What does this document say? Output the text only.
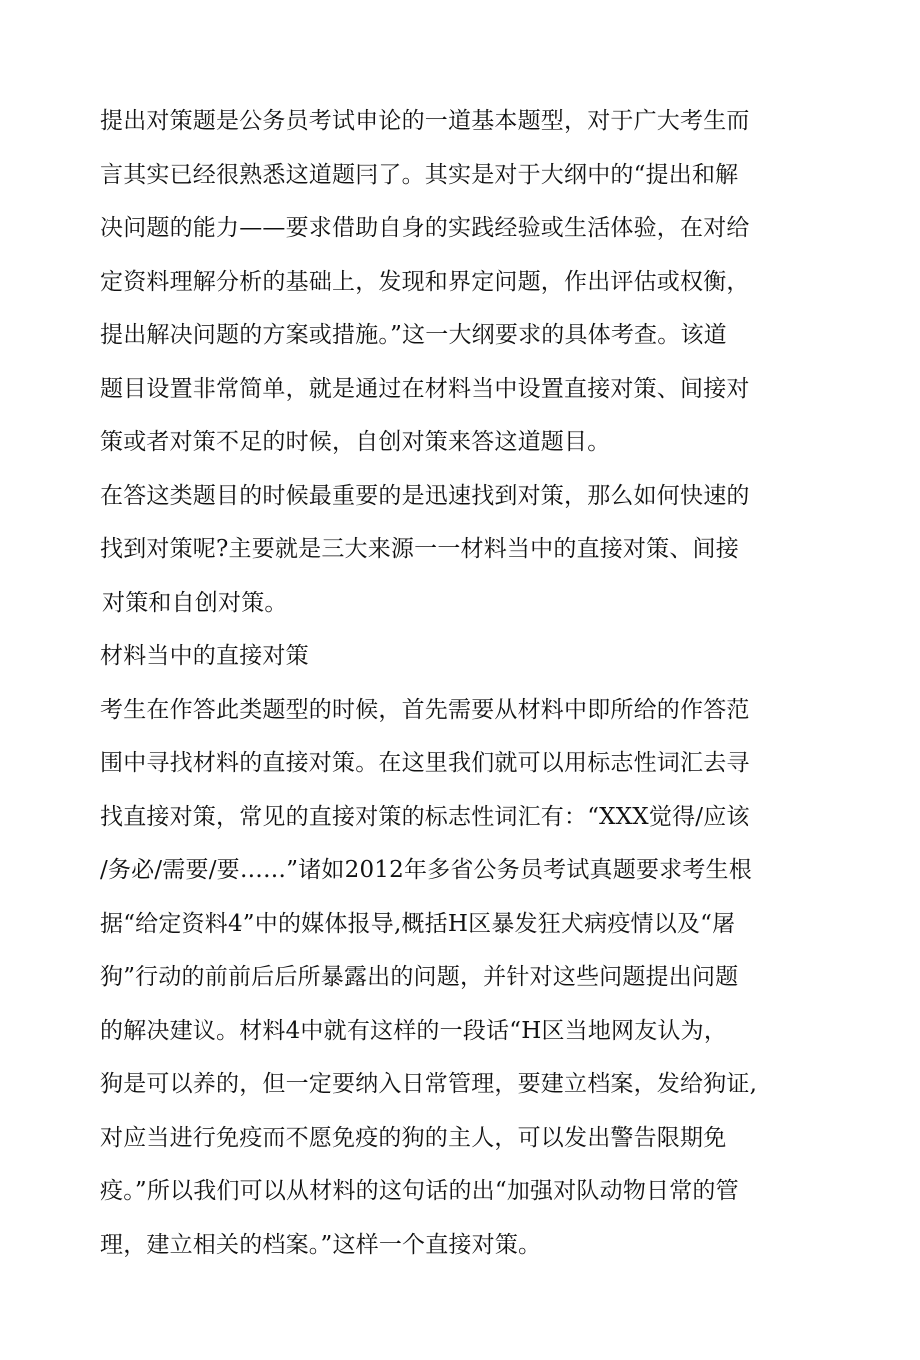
提出对策题是公务员考试申论的一道基本题型，对于广大考生而
言其实已经很熟悉这道题冃了。其实是对于大纲中的“提出和解
决问题的能力——要求借助自身的实践经验或生活体验，在对给
定资料理解分析的基础上，发现和界定问题，作出评估或权衡，
提出解决问题的方案或措施。”这一大纲要求的具体考查。该道
题目设置非常简单，就是通过在材料当中设置直接对策、间接对
策或者对策不足的时候，自创对策来答这道题目。
在答这类题目的时候最重要的是迅速找到对策，那么如何快速的
找到对策呢?主要就是三大来源一一材料当中的直接对策、间接
对策和自创对策。
材料当中的直接对策
考生在作答此类题型的时候，首先需要从材料中即所给的作答范
围中寻找材料的直接对策。在这里我们就可以用标志性词汇去寻
找直接对策，常见的直接对策的标志性词汇有：“XXX觉得/应该
/务必/需要/要……”诸如2012年多省公务员考试真题要求考生根
据“给定资料4”中的媒体报导,概括H区暴发狂犬病疫情以及“屠
狗”行动的前前后后所暴露出的问题，并针对这些问题提出问题
的解决建议。材料4中就有这样的一段话“H区当地网友认为，
狗是可以养的，但一定要纳入日常管理，要建立档案，发给狗证,
对应当进行免疫而不愿免疫的狗的主人，可以发出警告限期免
疫。”所以我们可以从材料的这句话的出“加强对队动物日常的管
理，建立相关的档案。”这样一个直接对策。
